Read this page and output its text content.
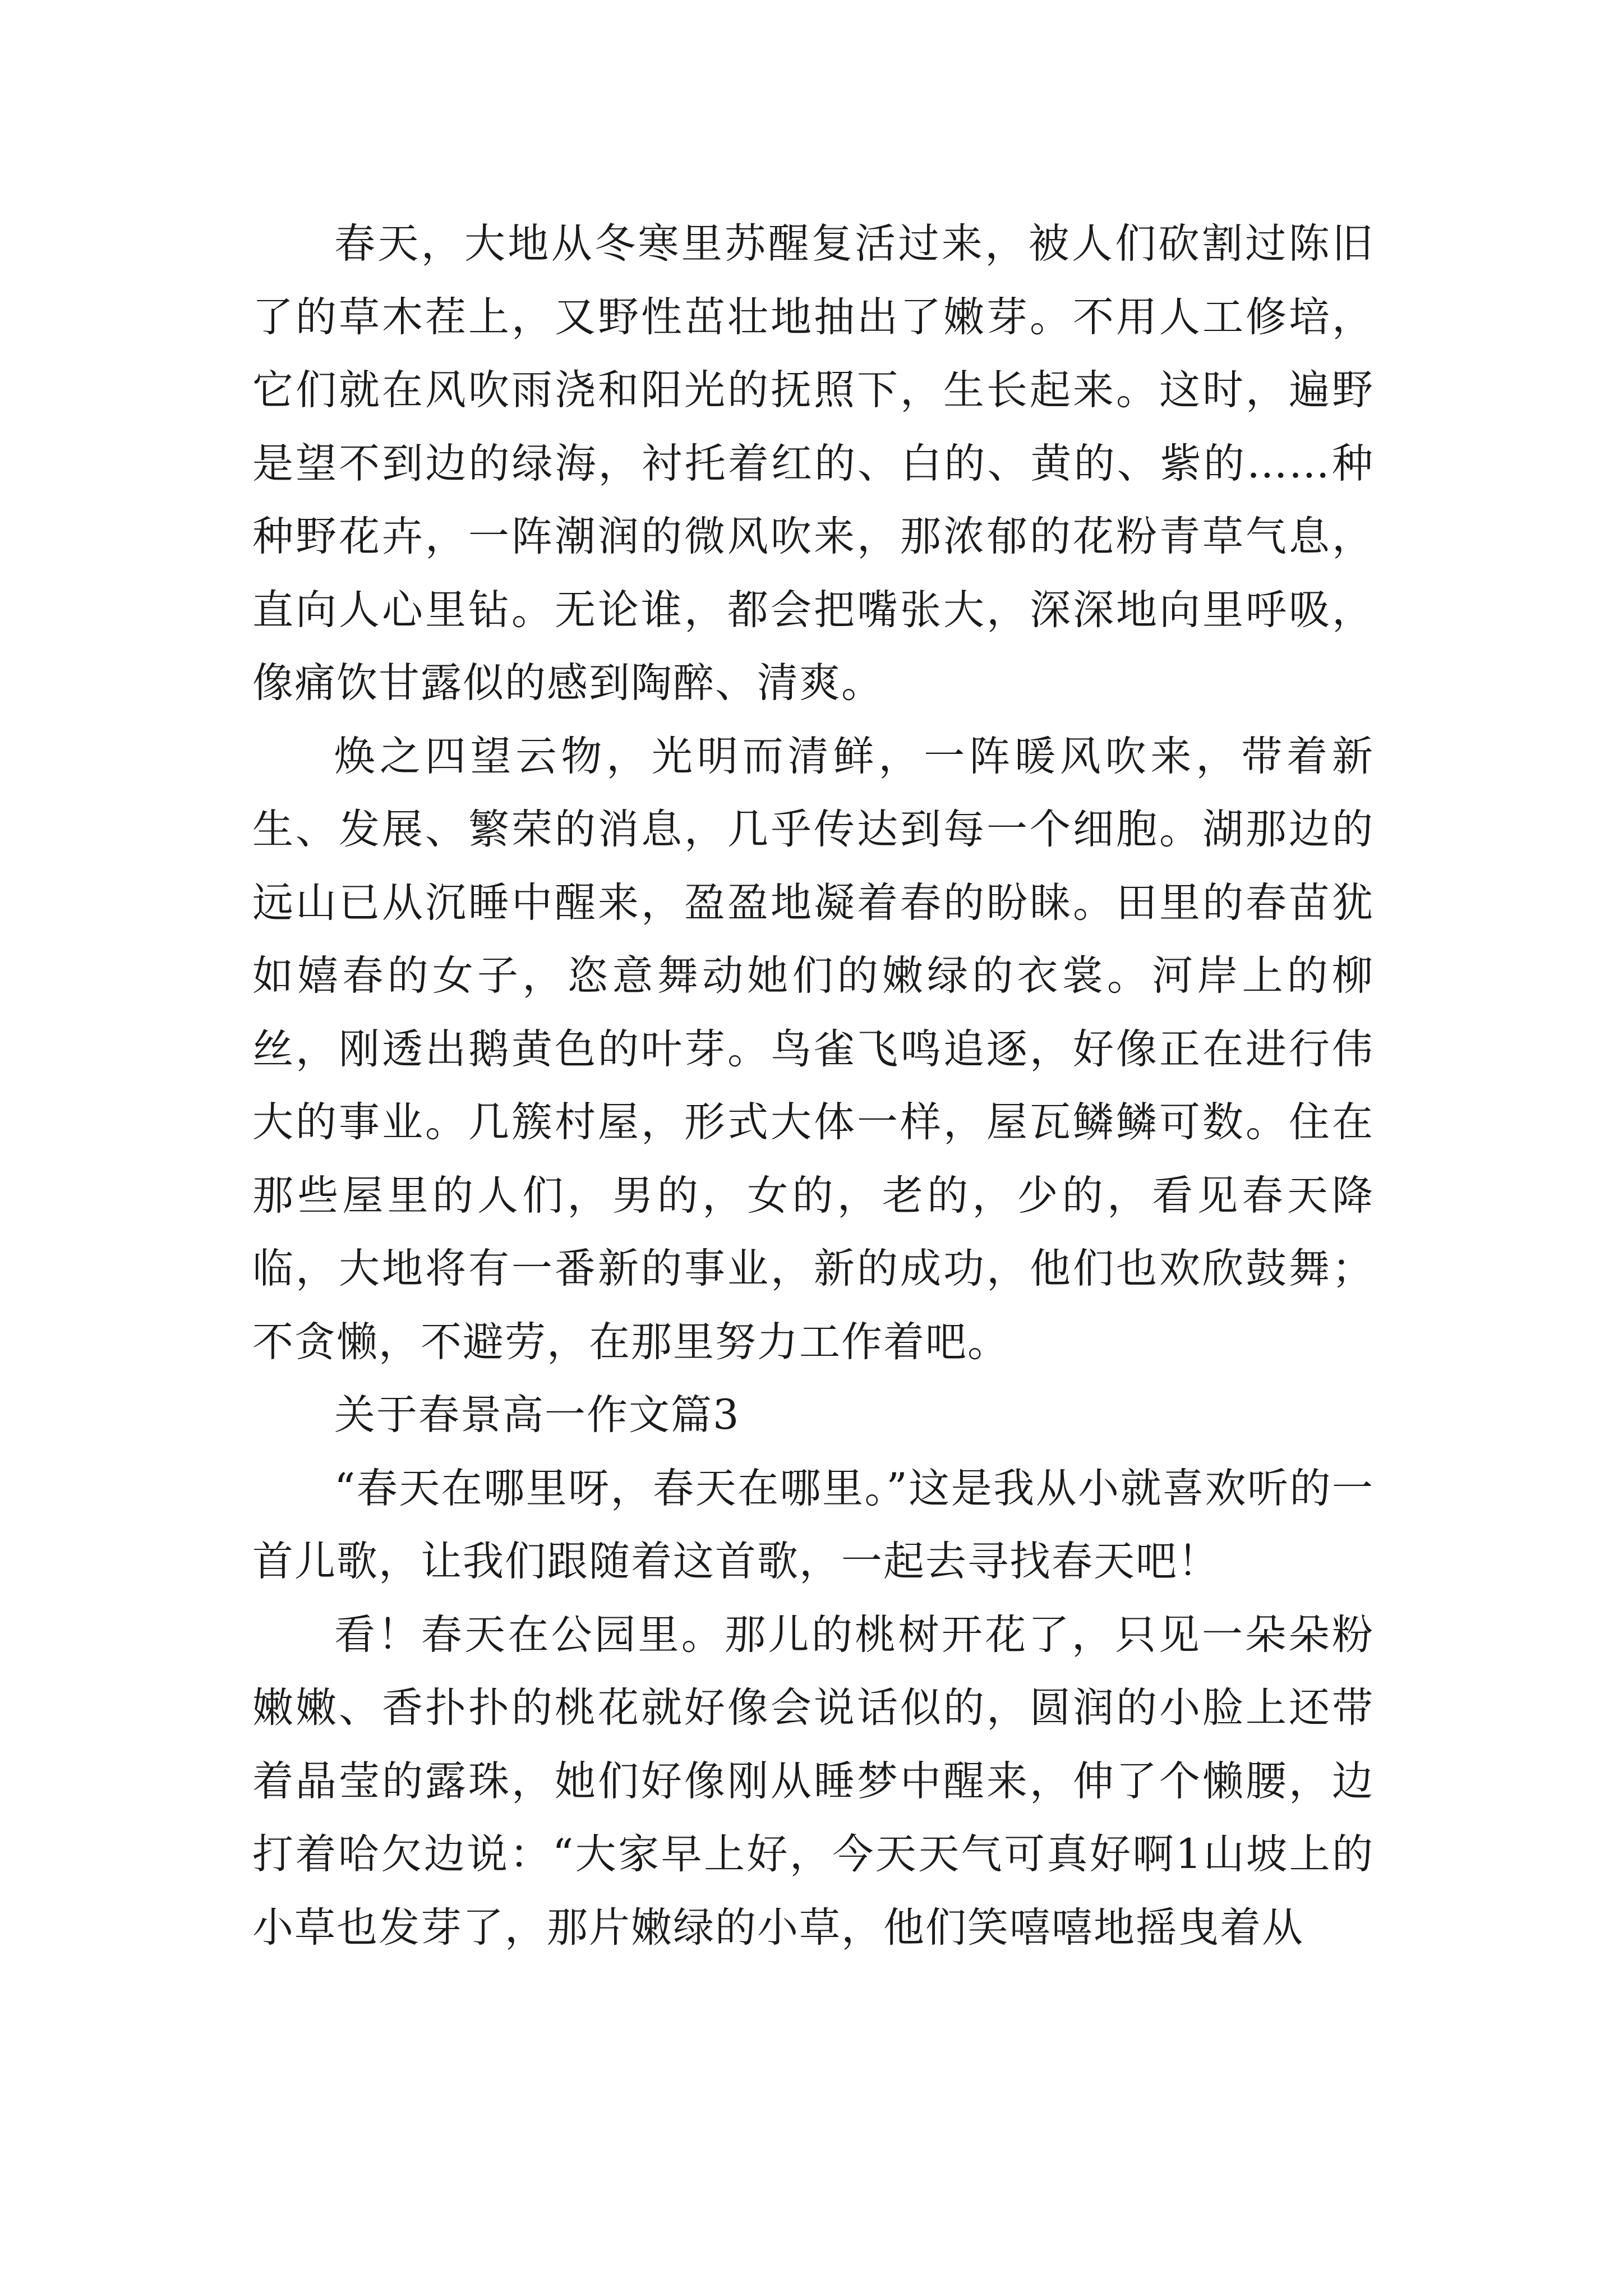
春天，大地从冬寒里苏醒复活过来，被人们砍割过陈旧了的草木茬上，又野性茁壮地抽出了嫩芽。不用人工修培，它们就在风吹雨浇和阳光的抚照下，生长起来。这时，遍野是望不到边的绿海，衬托着红的、白的、黄的、紫的……种种野花卉，一阵潮润的微风吹来，那浓郁的花粉青草气息，直向人心里钻。无论谁，都会把嘴张大，深深地向里呼吸，像痛饮甘露似的感到陶醉、清爽。

焕之四望云物，光明而清鲜，一阵暖风吹来，带着新生、发展、繁荣的消息，几乎传达到每一个细胞。湖那边的远山已从沉睡中醒来，盈盈地凝着春的盼睐。田里的春苗犹如嬉春的女子，恣意舞动她们的嫩绿的衣裳。河岸上的柳丝，刚透出鹅黄色的叶芽。鸟雀飞鸣追逐，好像正在进行伟大的事业。几簇村屋，形式大体一样，屋瓦鳞鳞可数。住在那些屋里的人们，男的，女的，老的，少的，看见春天降临，大地将有一番新的事业，新的成功，他们也欢欣鼓舞；不贪懒，不避劳，在那里努力工作着吧。

关于春景高一作文篇3

“春天在哪里呀，春天在哪里。”这是我从小就喜欢听的一首儿歌，让我们跟随着这首歌，一起去寻找春天吧！

看！春天在公园里。那儿的桃树开花了，只见一朵朵粉嫩嫩、香扑扑的桃花就好像会说话似的，圆润的小脸上还带着晶莹的露珠，她们好像刚从睡梦中醒来，伸了个懒腰，边打着哈欠边说：“大家早上好，今天天气可真好啊1山坡上的小草也发芽了，那片嫩绿的小草，他们笑嘻嘻地摇曳着从
